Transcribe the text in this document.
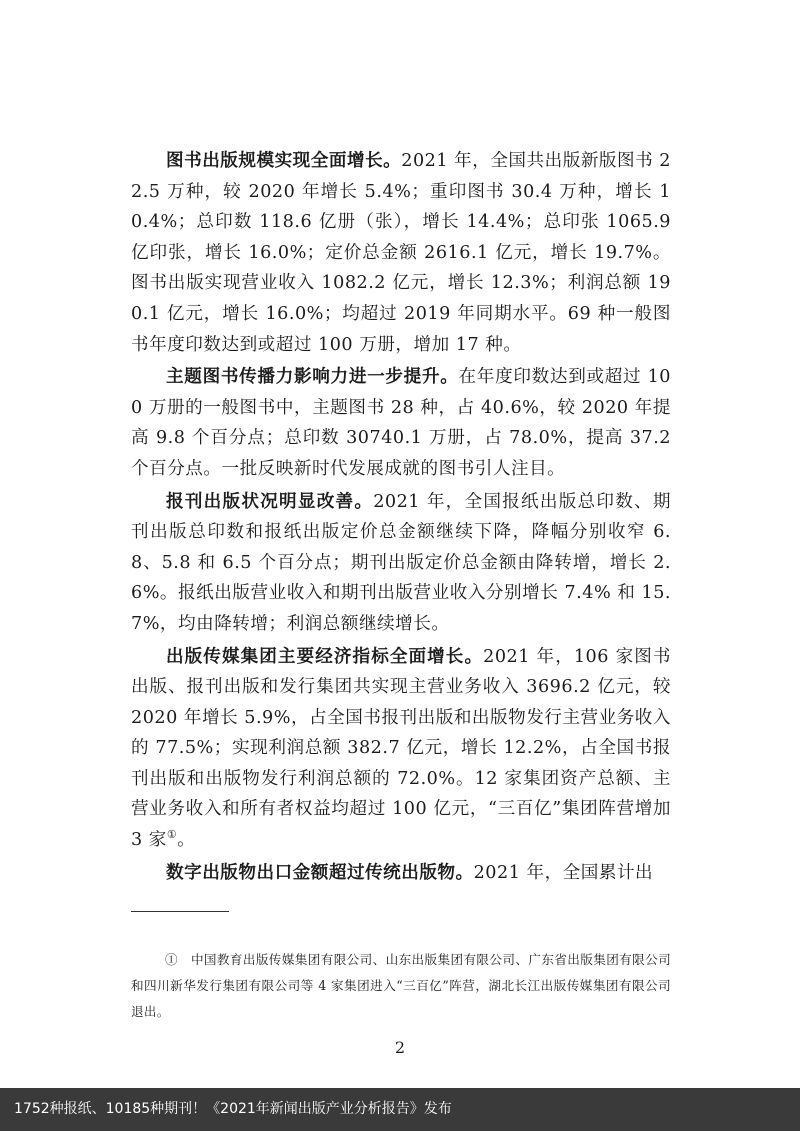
图书出版规模实现全面增长。2021 年，全国共出版新版图书 22.5 万种，较 2020 年增长 5.4%；重印图书 30.4 万种，增长 10.4%；总印数 118.6 亿册（张），增长 14.4%；总印张 1065.9 亿印张，增长 16.0%；定价总金额 2616.1 亿元，增长 19.7%。图书出版实现营业收入 1082.2 亿元，增长 12.3%；利润总额 190.1 亿元，增长 16.0%；均超过 2019 年同期水平。69 种一般图书年度印数达到或超过 100 万册，增加 17 种。

主题图书传播力影响力进一步提升。在年度印数达到或超过 100 万册的一般图书中，主题图书 28 种，占 40.6%，较 2020 年提高 9.8 个百分点；总印数 30740.1 万册，占 78.0%，提高 37.2 个百分点。一批反映新时代发展成就的图书引人注目。

报刊出版状况明显改善。2021 年，全国报纸出版总印数、期刊出版总印数和报纸出版定价总金额继续下降，降幅分别收窄 6.8、5.8 和 6.5 个百分点；期刊出版定价总金额由降转增，增长 2.6%。报纸出版营业收入和期刊出版营业收入分别增长 7.4% 和 15.7%，均由降转增；利润总额继续增长。

出版传媒集团主要经济指标全面增长。2021 年，106 家图书出版、报刊出版和发行集团共实现主营业务收入 3696.2 亿元，较 2020 年增长 5.9%，占全国书报刊出版和出版物发行主营业务收入的 77.5%；实现利润总额 382.7 亿元，增长 12.2%，占全国书报刊出版和出版物发行利润总额的 72.0%。12 家集团资产总额、主营业务收入和所有者权益均超过 100 亿元，“三百亿”集团阵营增加 3 家①。

数字出版物出口金额超过传统出版物。2021 年，全国累计出

①　中国教育出版传媒集团有限公司、山东出版集团有限公司、广东省出版集团有限公司和四川新华发行集团有限公司等 4 家集团进入“三百亿”阵营，湖北长江出版传媒集团有限公司退出。

2
1752种报纸、10185种期刊！《2021年新闻出版产业分析报告》发布
